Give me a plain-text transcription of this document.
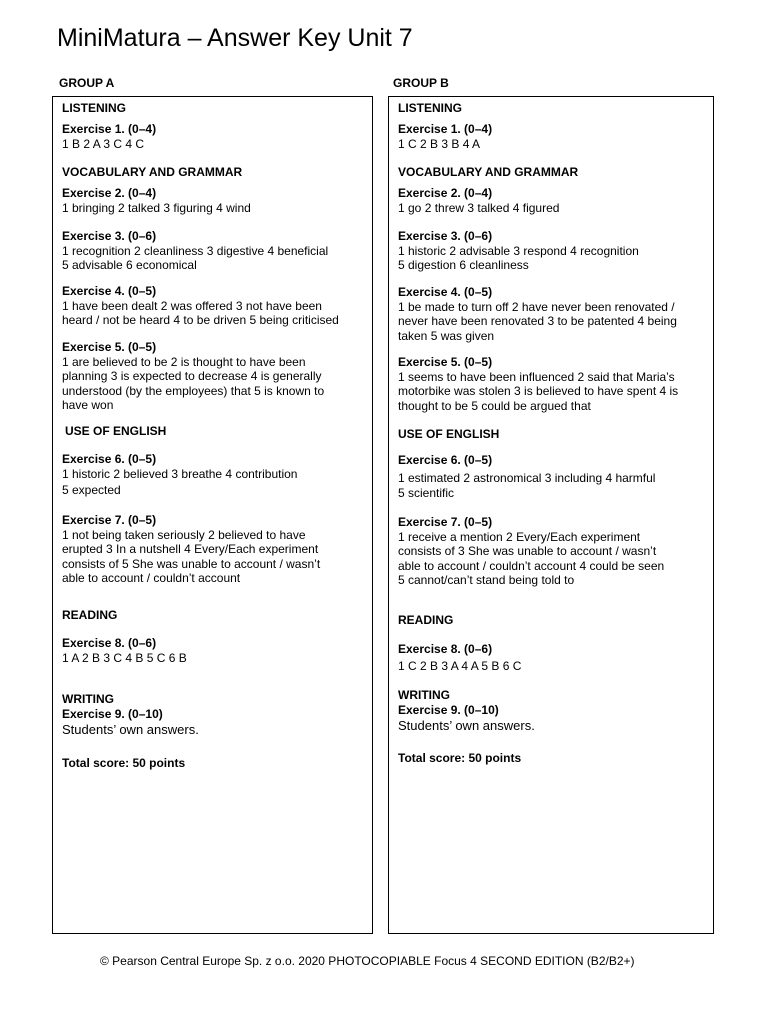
MiniMatura – Answer Key Unit 7
GROUP A	GROUP B
LISTENING
Exercise 1. (0–4)
1 B 2 A 3 C 4 C
VOCABULARY AND GRAMMAR
Exercise 2. (0–4)
1 bringing 2 talked 3 figuring 4 wind
Exercise 3. (0–6)
1 recognition 2 cleanliness 3 digestive 4 beneficial
5 advisable 6 economical
Exercise 4. (0–5)
1 have been dealt 2 was offered 3 not have been
heard / not be heard 4 to be driven 5 being criticised
Exercise 5. (0–5)
1 are believed to be 2 is thought to have been
planning 3 is expected to decrease 4 is generally
understood (by the employees) that 5 is known to
have won
USE OF ENGLISH
Exercise 6. (0–5)
1 historic 2 believed 3 breathe 4 contribution
5 expected
Exercise 7. (0–5)
1 not being taken seriously 2 believed to have
erupted 3 In a nutshell 4 Every/Each experiment
consists of 5 She was unable to account / wasn’t
able to account / couldn’t account
READING
Exercise 8. (0–6)
1 A 2 B 3 C 4 B 5 C 6 B
WRITING
Exercise 9. (0–10)
Students’ own answers.
Total score: 50 points
LISTENING
Exercise 1. (0–4)
1 C 2 B 3 B 4 A
VOCABULARY AND GRAMMAR
Exercise 2. (0–4)
1 go 2 threw 3 talked 4 figured
Exercise 3. (0–6)
1 historic 2 advisable 3 respond 4 recognition
5 digestion 6 cleanliness
Exercise 4. (0–5)
1 be made to turn off 2 have never been renovated /
never have been renovated 3 to be patented 4 being
taken 5 was given
Exercise 5. (0–5)
1 seems to have been influenced 2 said that Maria’s
motorbike was stolen 3 is believed to have spent 4 is
thought to be 5 could be argued that
USE OF ENGLISH
Exercise 6. (0–5)
1 estimated 2 astronomical 3 including 4 harmful
5 scientific
Exercise 7. (0–5)
1 receive a mention 2 Every/Each experiment
consists of 3 She was unable to account / wasn’t
able to account / couldn’t account 4 could be seen
5 cannot/can’t stand being told to
READING
Exercise 8. (0–6)
1 C 2 B 3 A 4 A 5 B 6 C
WRITING
Exercise 9. (0–10)
Students’ own answers.
Total score: 50 points
© Pearson Central Europe Sp. z o.o. 2020 PHOTOCOPIABLE Focus 4 SECOND EDITION (B2/B2+)
